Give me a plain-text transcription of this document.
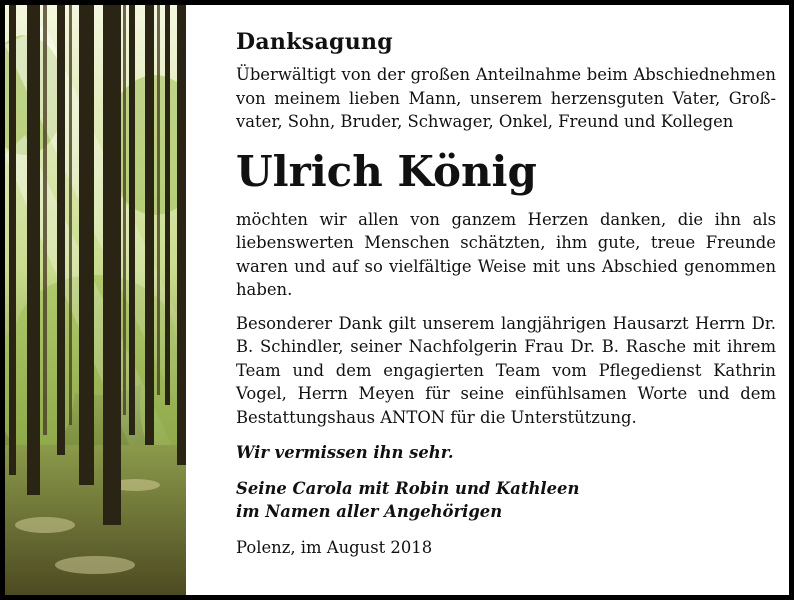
Danksagung
Überwältigt von der großen Anteilnahme beim Abschiednehmen
von meinem lieben Mann, unserem herzensguten Vater, Groß-
vater, Sohn, Bruder, Schwager, Onkel, Freund und Kollegen
Ulrich König

möchten wir allen von ganzem Herzen danken, die ihn als liebenswerten Menschen schätzten, ihm gute, treue Freunde waren und auf so vielfältige Weise mit uns Abschied genommen haben.

Besonderer Dank gilt unserem langjährigen Hausarzt Herrn Dr. B. Schindler, seiner Nachfolgerin Frau Dr. B. Rasche mit ihrem Team und dem engagierten Team vom Pflegedienst Kathrin Vogel, Herrn Meyen für seine einfühlsamen Worte und dem Bestattungshaus ANTON für die Unterstützung.

Wir vermissen ihn sehr.

Seine Carola mit Robin und Kathleen

im Namen aller Angehörigen

Polenz, im August 2018
